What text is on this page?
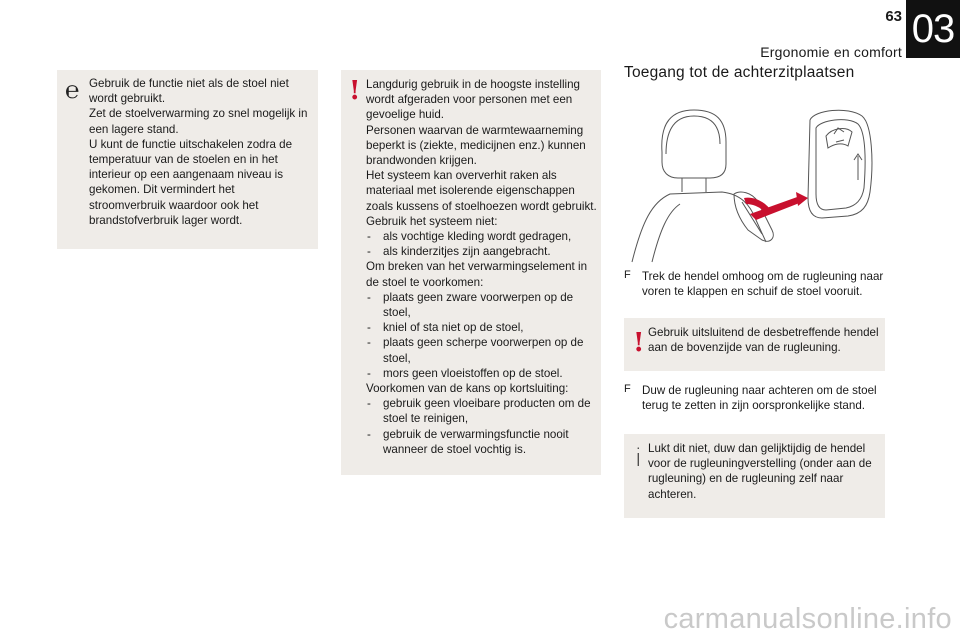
63
Ergonomie en comfort
03
℮ Gebruik de functie niet als de stoel niet wordt gebruikt.

Zet de stoelverwarming zo snel mogelijk in een lagere stand.

U kunt de functie uitschakelen zodra de temperatuur van de stoelen en in het interieur op een aangenaam niveau is gekomen. Dit vermindert het stroomverbruik waardoor ook het brandstofverbruik lager wordt.

! Langdurig gebruik in de hoogste instelling wordt afgeraden voor personen met een gevoelige huid.

Personen waarvan de warmtewaarneming beperkt is (ziekte, medicijnen enz.) kunnen brandwonden krijgen.

Het systeem kan oververhit raken als materiaal met isolerende eigenschappen zoals kussens of stoelhoezen wordt gebruikt.

Gebruik het systeem niet:

- als vochtige kleding wordt gedragen,
- als kinderzitjes zijn aangebracht.

Om breken van het verwarmingselement in de stoel te voorkomen:

- plaats geen zware voorwerpen op de stoel,
- kniel of sta niet op de stoel,
- plaats geen scherpe voorwerpen op de stoel,
- mors geen vloeistoffen op de stoel.

Voorkomen van de kans op kortsluiting:

- gebruik geen vloeibare producten om de stoel te reinigen,
- gebruik de verwarmingsfunctie nooit wanneer de stoel vochtig is.
Toegang tot de achterzitplaatsen
F Trek de hendel omhoog om de rugleuning naar voren te klappen en schuif de stoel vooruit.

! Gebruik uitsluitend de desbetreffende hendel aan de bovenzijde van de rugleuning.

F Duw de rugleuning naar achteren om de stoel terug te zetten in zijn oorspronkelijke stand.

i Lukt dit niet, duw dan gelijktijdig de hendel voor de rugleuningverstelling (onder aan de rugleuning) en de rugleuning zelf naar achteren.

carmanualsonline.info
